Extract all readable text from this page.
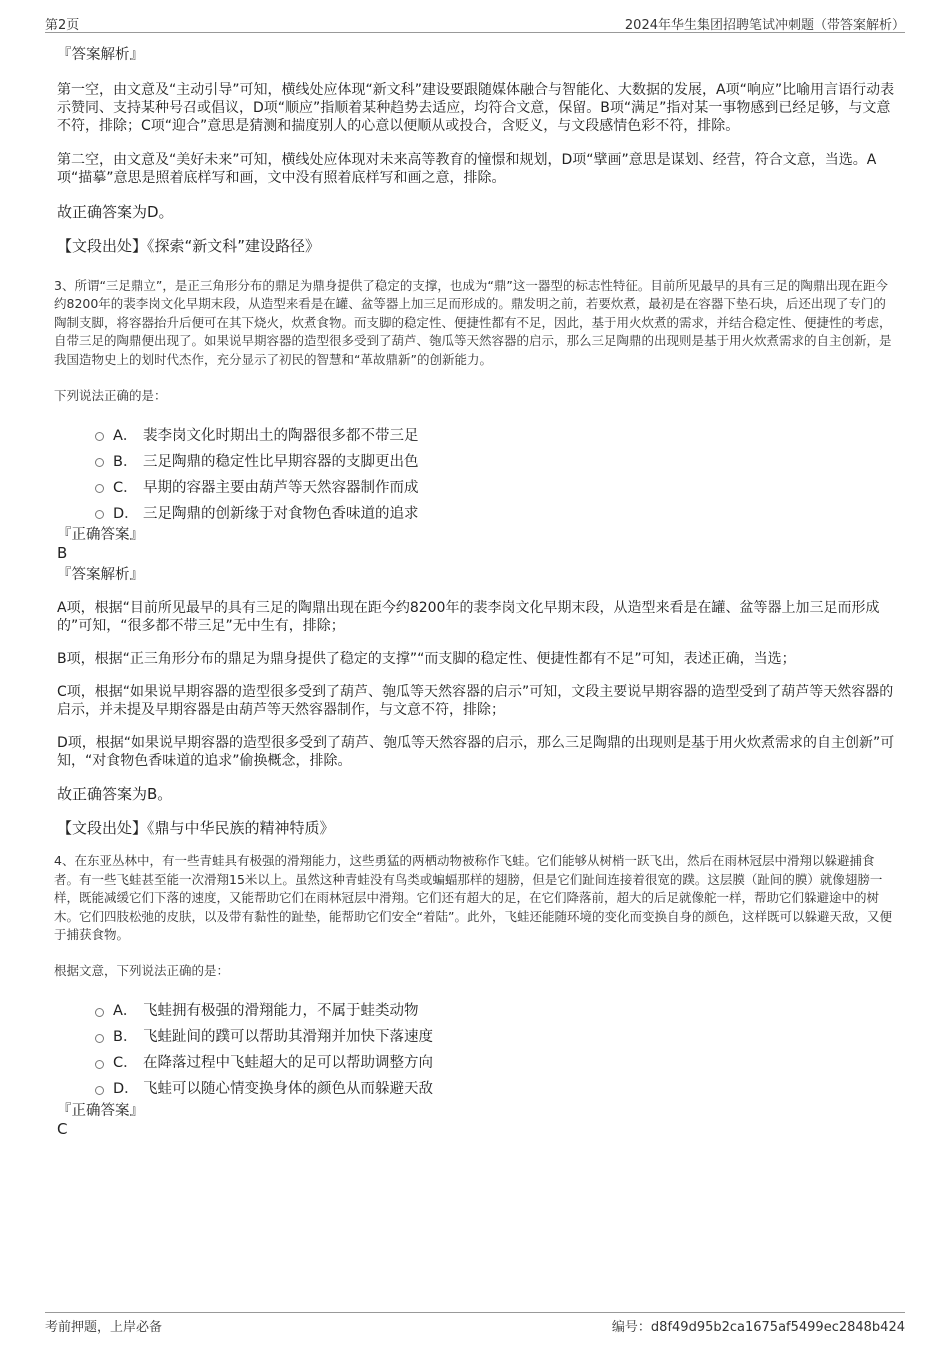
第2页	2024年华生集团招聘笔试冲刺题（带答案解析）

『答案解析』

第一空，由文意及“主动引导”可知，横线处应体现“新文科”建设要跟随媒体融合与智能化、大数据的发展，A项“响应”比喻用言语行动表示赞同、支持某种号召或倡议，D项“顺应”指顺着某种趋势去适应，均符合文意，保留。B项“满足”指对某一事物感到已经足够，与文意不符，排除；C项“迎合”意思是猜测和揣度别人的心意以便顺从或投合，含贬义，与文段感情色彩不符，排除。

第二空，由文意及“美好未来”可知，横线处应体现对未来高等教育的憧憬和规划，D项“擘画”意思是谋划、经营，符合文意，当选。A项“描摹”意思是照着底样写和画，文中没有照着底样写和画之意，排除。

故正确答案为D。

【文段出处】《探索“新文科”建设路径》

3、所谓“三足鼎立”，是正三角形分布的鼎足为鼎身提供了稳定的支撑，也成为“鼎”这一器型的标志性特征。目前所见最早的具有三足的陶鼎出现在距今约8200年的裴李岗文化早期末段，从造型来看是在罐、盆等器上加三足而形成的。鼎发明之前，若要炊煮，最初是在容器下垫石块，后还出现了专门的陶制支脚，将容器抬升后便可在其下烧火，炊煮食物。而支脚的稳定性、便捷性都有不足，因此，基于用火炊煮的需求，并结合稳定性、便捷性的考虑，自带三足的陶鼎便出现了。如果说早期容器的造型很多受到了葫芦、匏瓜等天然容器的启示，那么三足陶鼎的出现则是基于用火炊煮需求的自主创新，是我国造物史上的划时代杰作，充分显示了初民的智慧和“革故鼎新”的创新能力。

下列说法正确的是：

A． 裴李岗文化时期出土的陶器很多都不带三足
B． 三足陶鼎的稳定性比早期容器的支脚更出色
C． 早期的容器主要由葫芦等天然容器制作而成
D． 三足陶鼎的创新缘于对食物色香味道的追求

『正确答案』

B

『答案解析』

A项，根据“目前所见最早的具有三足的陶鼎出现在距今约8200年的裴李岗文化早期末段，从造型来看是在罐、盆等器上加三足而形成的”可知，“很多都不带三足”无中生有，排除；

B项，根据“正三角形分布的鼎足为鼎身提供了稳定的支撑”“而支脚的稳定性、便捷性都有不足”可知，表述正确，当选；

C项，根据“如果说早期容器的造型很多受到了葫芦、匏瓜等天然容器的启示”可知，文段主要说早期容器的造型受到了葫芦等天然容器的启示，并未提及早期容器是由葫芦等天然容器制作，与文意不符，排除；

D项，根据“如果说早期容器的造型很多受到了葫芦、匏瓜等天然容器的启示，那么三足陶鼎的出现则是基于用火炊煮需求的自主创新”可知，“对食物色香味道的追求”偷换概念，排除。

故正确答案为B。

【文段出处】《鼎与中华民族的精神特质》

4、在东亚丛林中，有一些青蛙具有极强的滑翔能力，这些勇猛的两栖动物被称作飞蛙。它们能够从树梢一跃飞出，然后在雨林冠层中滑翔以躲避捕食者。有一些飞蛙甚至能一次滑翔15米以上。虽然这种青蛙没有鸟类或蝙蝠那样的翅膀，但是它们趾间连接着很宽的蹼。这层膜（趾间的膜）就像翅膀一样，既能减缓它们下落的速度，又能帮助它们在雨林冠层中滑翔。它们还有超大的足，在它们降落前，超大的后足就像舵一样，帮助它们躲避途中的树木。它们四肢松弛的皮肤，以及带有黏性的趾垫，能帮助它们安全“着陆”。此外，飞蛙还能随环境的变化而变换自身的颜色，这样既可以躲避天敌，又便于捕获食物。

根据文意，下列说法正确的是：

A． 飞蛙拥有极强的滑翔能力，不属于蛙类动物
B． 飞蛙趾间的蹼可以帮助其滑翔并加快下落速度
C． 在降落过程中飞蛙超大的足可以帮助调整方向
D． 飞蛙可以随心情变换身体的颜色从而躲避天敌

『正确答案』

C

考前押题，上岸必备	编号：d8f49d95b2ca1675af5499ec2848b424
